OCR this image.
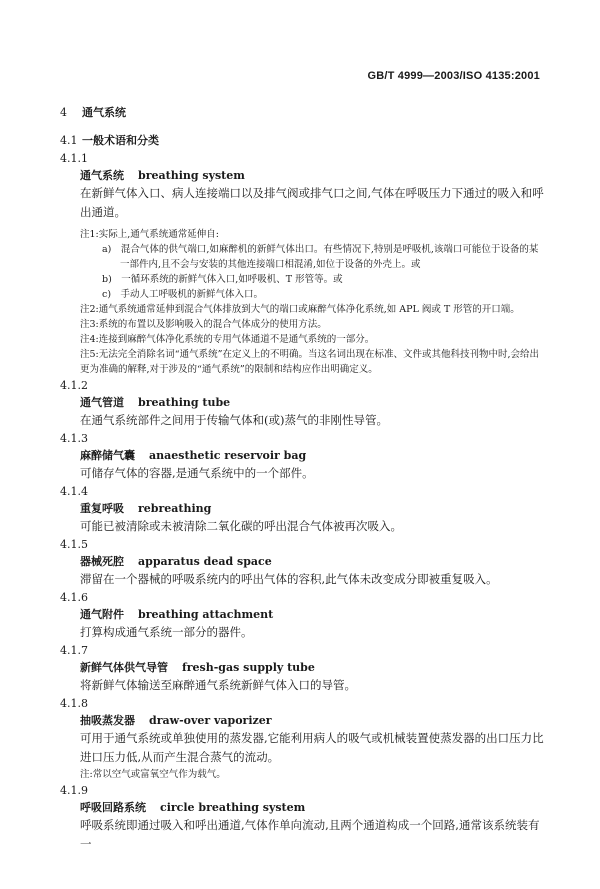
GB/T 4999—2003/ISO 4135:2001
4 通气系统
4.1 一般术语和分类
4.1.1
通气系统 breathing system
在新鲜气体入口、病人连接端口以及排气阀或排气口之间,气体在呼吸压力下通过的吸入和呼出通道。
注1:实际上,通气系统通常延伸自:
a)　混合气体的供气端口,如麻醉机的新鲜气体出口。有些情况下,特别是呼吸机,该端口可能位于设备的某一部件内,且不会与安装的其他连接端口相混淆,如位于设备的外壳上。或
b)　一循环系统的新鲜气体入口,如呼吸机、T 形管等。或
c)　手动人工呼吸机的新鲜气体入口。
注2:通气系统通常延伸到混合气体排放到大气的端口或麻醉气体净化系统,如 APL 阀或 T 形管的开口端。
注3:系统的布置以及影响吸入的混合气体成分的使用方法。
注4:连接到麻醉气体净化系统的专用气体通道不是通气系统的一部分。
注5:无法完全消除名词“通气系统”在定义上的不明确。当这名词出现在标准、文件或其他科技刊物中时,会给出更为准确的解释,对于涉及的“通气系统”的限制和结构应作出明确定义。
4.1.2
通气管道 breathing tube
在通气系统部件之间用于传输气体和(或)蒸气的非刚性导管。
4.1.3
麻醉储气囊 anaesthetic reservoir bag
可储存气体的容器,是通气系统中的一个部件。
4.1.4
重复呼吸 rebreathing
可能已被清除或未被清除二氧化碳的呼出混合气体被再次吸入。
4.1.5
器械死腔 apparatus dead space
滞留在一个器械的呼吸系统内的呼出气体的容积,此气体未改变成分即被重复吸入。
4.1.6
通气附件 breathing attachment
打算构成通气系统一部分的器件。
4.1.7
新鲜气体供气导管 fresh-gas supply tube
将新鲜气体输送至麻醉通气系统新鲜气体入口的导管。
4.1.8
抽吸蒸发器 draw-over vaporizer
可用于通气系统或单独使用的蒸发器,它能利用病人的吸气或机械装置使蒸发器的出口压力比进口压力低,从而产生混合蒸气的流动。
注:常以空气或富氧空气作为载气。
4.1.9
呼吸回路系统 circle breathing system
呼吸系统即通过吸入和呼出通道,气体作单向流动,且两个通道构成一个回路,通常该系统装有一
